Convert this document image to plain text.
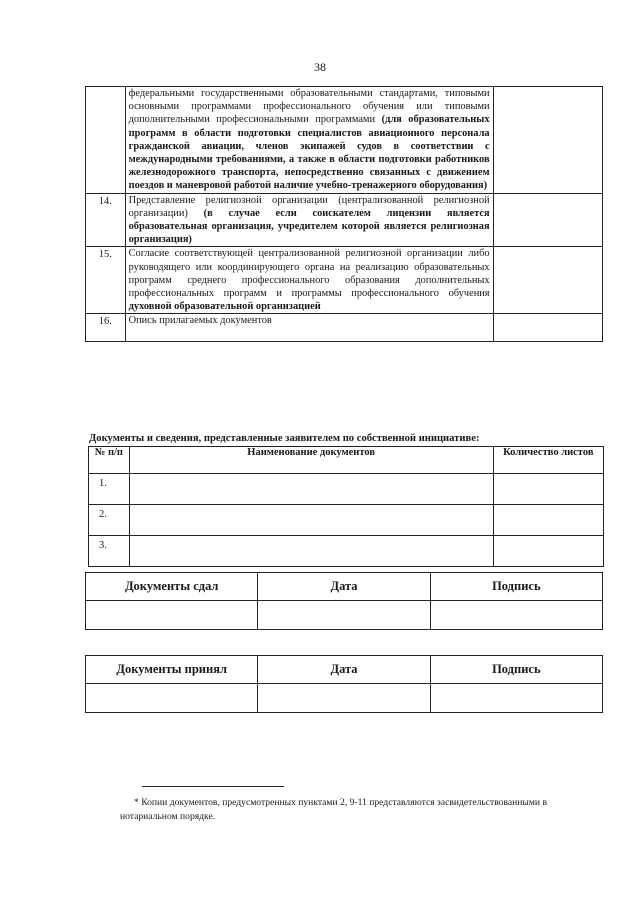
38
	федеральными государственными образовательными стандартами, типовыми основными программами профессионального обучения или типовыми дополнительными профессиональными программами (для образовательных программ в области подготовки специалистов авиационного персонала гражданской авиации, членов экипажей судов в соответствии с международными требованиями, а также в области подготовки работников железнодорожного транспорта, непосредственно связанных с движением поездов и маневровой работой наличие учебно-тренажерного оборудования)	
14.	Представление религиозной организации (централизованной религиозной организации) (в случае если соискателем лицензии является образовательная организация, учредителем которой является религиозная организация)	
15.	Согласие соответствующей централизованной религиозной организации либо руководящего или координирующего органа на реализацию образовательных программ среднего профессионального образования дополнительных профессиональных программ и программы профессионального обучения духовной образовательной организацией	
16.	Опись прилагаемых документов	
Документы и сведения, представленные заявителем по собственной инициативе:
№ п/п	Наименование документов	Количество листов
1.		
2.		
3.		
Документы сдал	Дата	Подпись

Документы принял	Дата	Подпись

* Копии документов, предусмотренных пунктами 2, 9-11 представляются засвидетельствованными в нотариальном порядке.
